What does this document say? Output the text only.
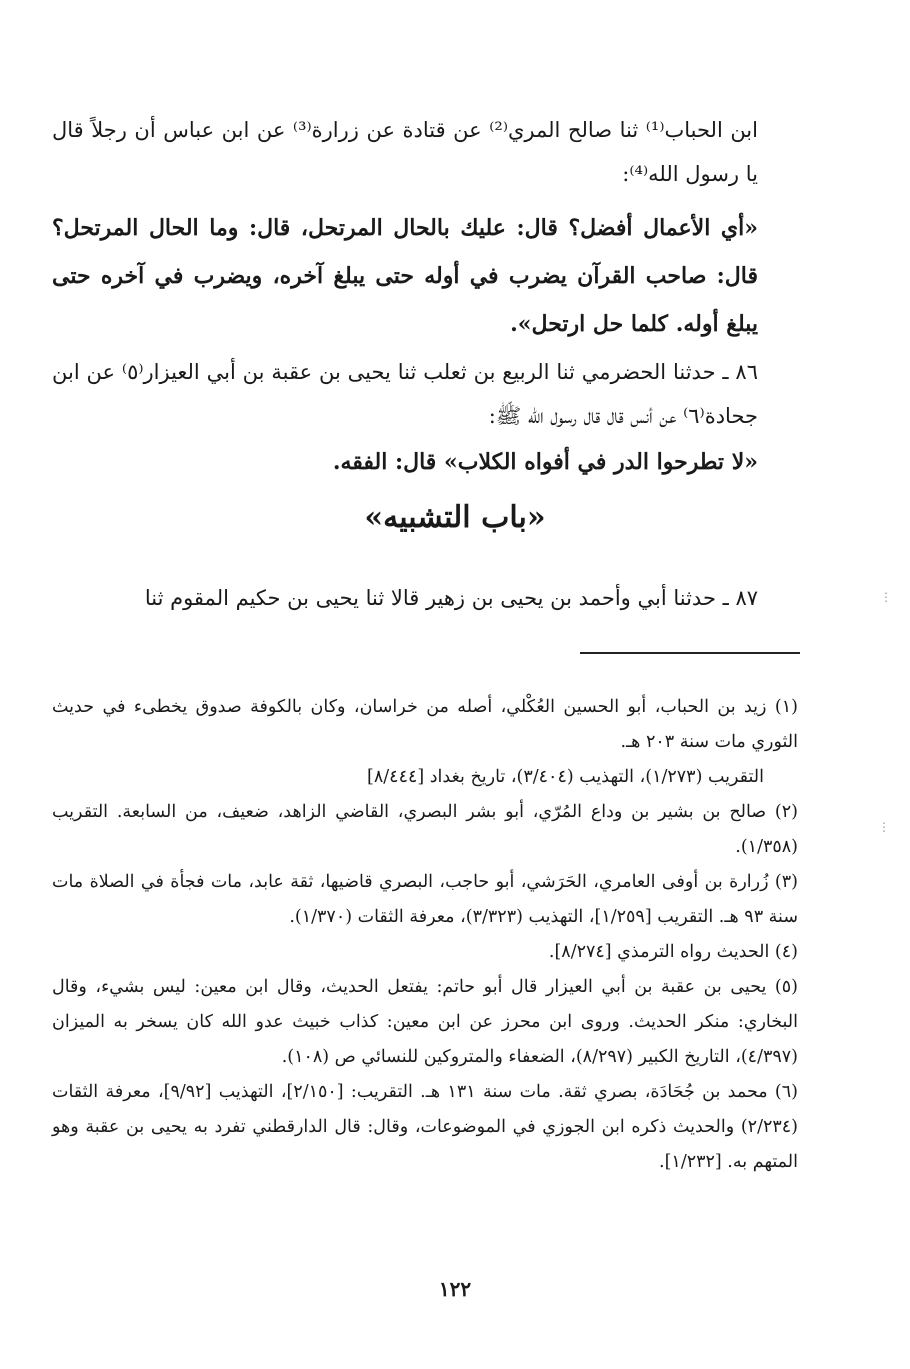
ابن الحباب⁽¹⁾ ثنا صالح المري⁽²⁾ عن قتادة عن زرارة⁽³⁾ عن ابن عباس أن رجلاً قال يا رسول الله⁽⁴⁾:

«أي الأعمال أفضل؟ قال: عليك بالحال المرتحل، قال: وما الحال المرتحل؟ قال: صاحب القرآن يضرب في أوله حتى يبلغ آخره، ويضرب في آخره حتى يبلغ أوله. كلما حل ارتحل».

٨٦ ـ حدثنا الحضرمي ثنا الربيع بن ثعلب ثنا يحيى بن عقبة بن أبي العيزار⁽٥⁾ عن ابن جحادة⁽٦⁾ عن أنس قال قال رسول الله ﷺ:

«لا تطرحوا الدر في أفواه الكلاب» قال: الفقه.

«باب التشبيه»

٨٧ ـ حدثنا أبي وأحمد بن يحيى بن زهير قالا ثنا يحيى بن حكيم المقوم ثنا

(١) زيد بن الحباب، أبو الحسين العُكْلي، أصله من خراسان، وكان بالكوفة صدوق يخطىء في حديث الثوري مات سنة ٢٠٣ هـ.

التقريب (١/٢٧٣)، التهذيب (٣/٤٠٤)، تاريخ بغداد [٨/٤٤٤]

(٢) صالح بن بشير بن وداع المُرّي، أبو بشر البصري، القاضي الزاهد، ضعيف، من السابعة. التقريب (١/٣٥٨).

(٣) زُرارة بن أوفى العامري، الحَرَشي، أبو حاجب، البصري قاضيها، ثقة عابد، مات فجأة في الصلاة مات سنة ٩٣ هـ. التقريب [١/٢٥٩]، التهذيب (٣/٣٢٣)، معرفة الثقات (١/٣٧٠).

(٤) الحديث رواه الترمذي [٨/٢٧٤].

(٥) يحيى بن عقبة بن أبي العيزار قال أبو حاتم: يفتعل الحديث، وقال ابن معين: ليس بشيء، وقال البخاري: منكر الحديث. وروى ابن محرز عن ابن معين: كذاب خبيث عدو الله كان يسخر به الميزان (٤/٣٩٧)، التاريخ الكبير (٨/٢٩٧)، الضعفاء والمتروكين للنسائي ص (١٠٨).

(٦) محمد بن جُحَادَة، بصري ثقة. مات سنة ١٣١ هـ. التقريب: [٢/١٥٠]، التهذيب [٩/٩٢]، معرفة الثقات (٢/٢٣٤) والحديث ذكره ابن الجوزي في الموضوعات، وقال: قال الدارقطني تفرد به يحيى بن عقبة وهو المتهم به. [١/٢٣٢].

١٢٢
⋮
⋮
